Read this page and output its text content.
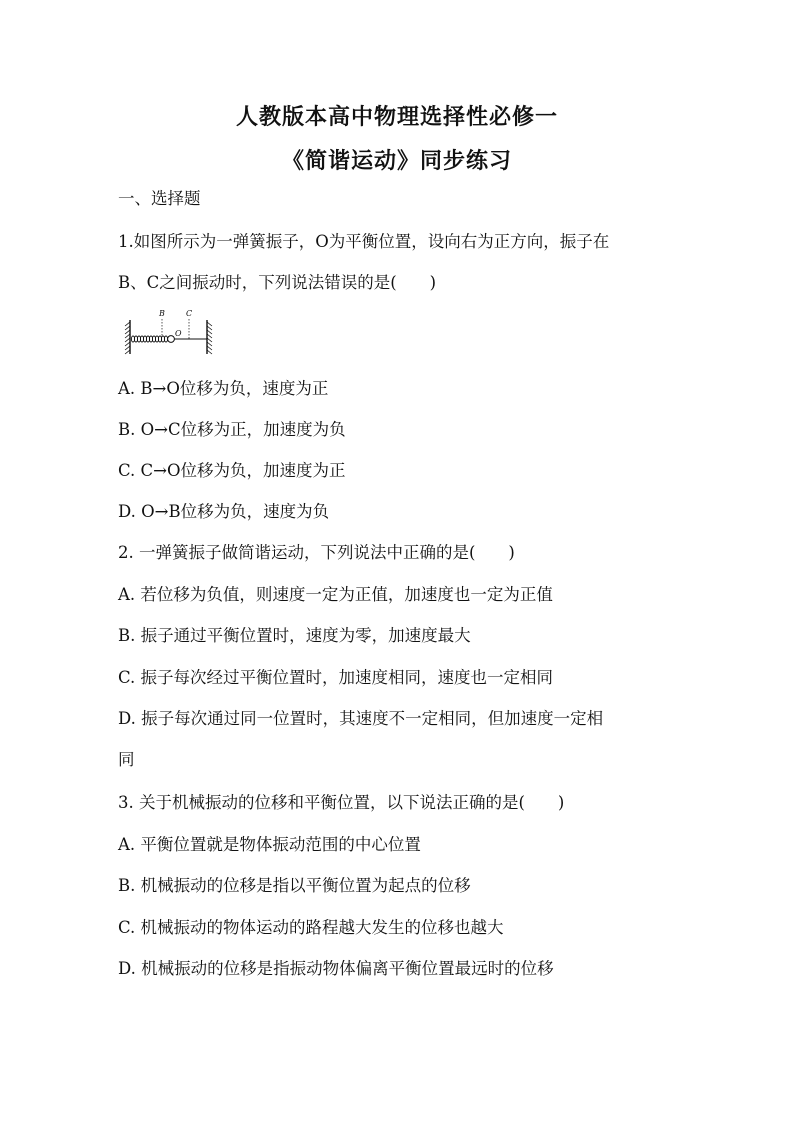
人教版本高中物理选择性必修一
《简谐运动》同步练习
一、选择题
1.如图所示为一弹簧振子，O为平衡位置，设向右为正方向，振子在
B、C之间振动时，下列说法错误的是(　　)
B	C
O
A. B→O位移为负，速度为正
B. O→C位移为正，加速度为负
C. C→O位移为负，加速度为正
D. O→B位移为负，速度为负
2. 一弹簧振子做简谐运动，下列说法中正确的是(　　)
A. 若位移为负值，则速度一定为正值，加速度也一定为正值
B. 振子通过平衡位置时，速度为零，加速度最大
C. 振子每次经过平衡位置时，加速度相同，速度也一定相同
D. 振子每次通过同一位置时，其速度不一定相同，但加速度一定相
同
3. 关于机械振动的位移和平衡位置，以下说法正确的是(　　)
A. 平衡位置就是物体振动范围的中心位置
B. 机械振动的位移是指以平衡位置为起点的位移
C. 机械振动的物体运动的路程越大发生的位移也越大
D. 机械振动的位移是指振动物体偏离平衡位置最远时的位移
